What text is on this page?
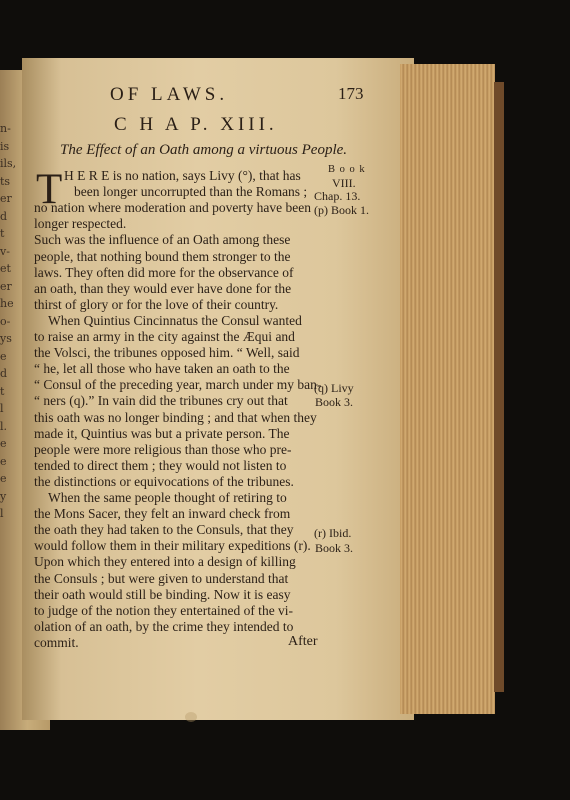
n-
is
ils,
ts
er
d
t
v-
et
er
he
o-
ys
e
d
t
l
l.
e
e
e
y
l
OF LAWS.	173
C H A P. XIII.
The Effect of an Oath among a virtuous People.
T H E R E is no nation, says Livy (°), that has
been longer uncorrupted than the Romans ;
no nation where moderation and poverty have been
longer respected.
Such was the influence of an Oath among these
people, that nothing bound them stronger to the
laws. They often did more for the observance of
an oath, than they would ever have done for the
thirst of glory or for the love of their country.
When Quintius Cincinnatus the Consul wanted
to raise an army in the city against the Æqui and
the Volsci, the tribunes opposed him. “ Well, said
“ he, let all those who have taken an oath to the
“ Consul of the preceding year, march under my ban-
“ ners (q).” In vain did the tribunes cry out that
this oath was no longer binding ; and that when they
made it, Quintius was but a private person. The
people were more religious than those who pre-
tended to direct them ; they would not listen to
the distinctions or equivocations of the tribunes.
When the same people thought of retiring to
the Mons Sacer, they felt an inward check from
the oath they had taken to the Consuls, that they
would follow them in their military expeditions (r).
Upon which they entered into a design of killing
the Consuls ; but were given to understand that
their oath would still be binding. Now it is easy
to judge of the notion they entertained of the vi-
olation of an oath, by the crime they intended to
commit.
B o o k
VIII.
Chap. 13.
(p) Book 1.
(q) Livy
Book 3.
(r) Ibid.
Book 3.
After
